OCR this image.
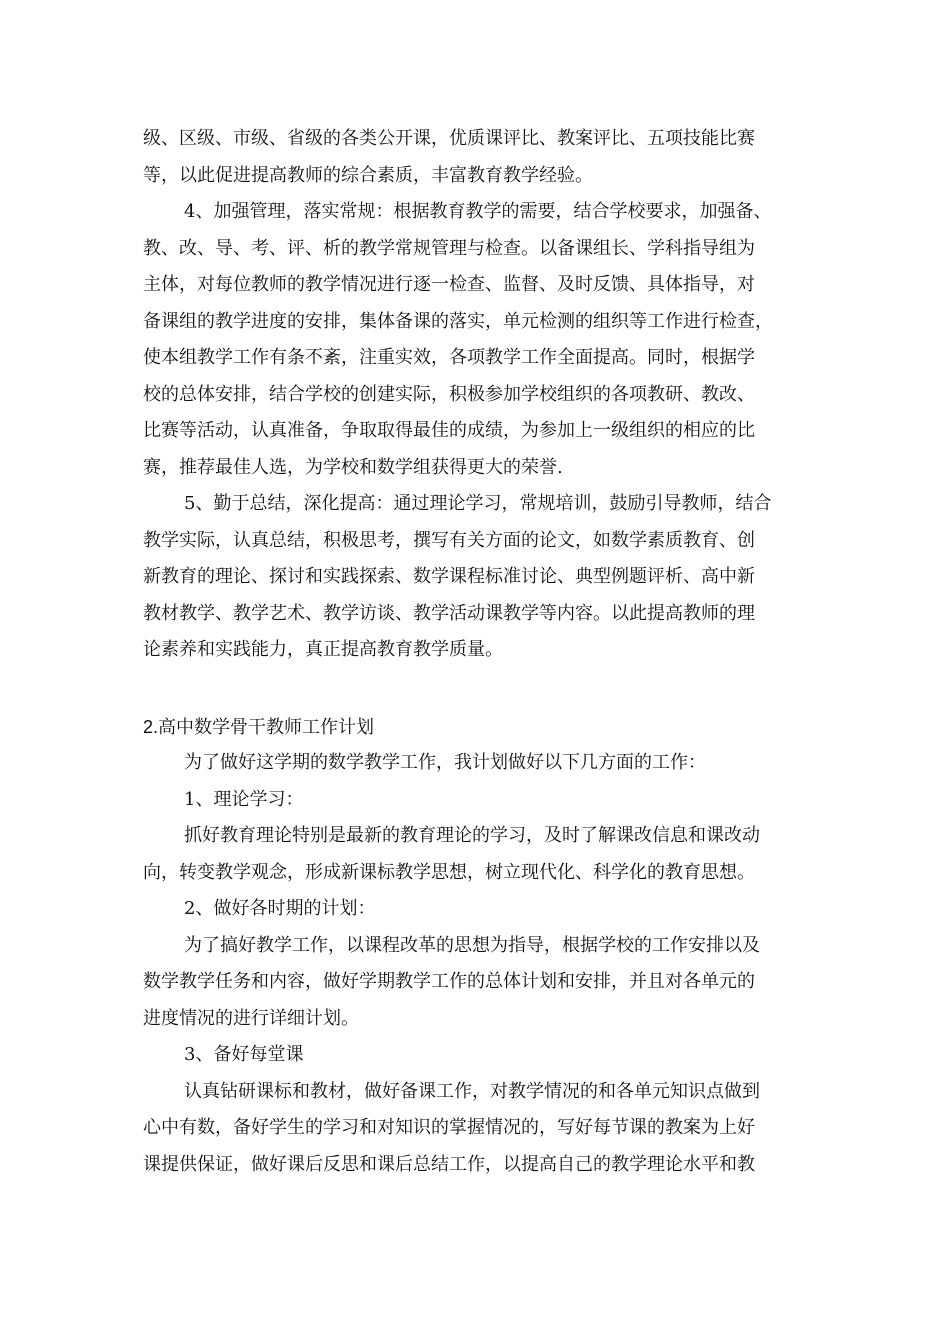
级、区级、市级、省级的各类公开课，优质课评比、教案评比、五项技能比赛
等，以此促进提高教师的综合素质，丰富教育教学经验。
4、加强管理，落实常规：根据教育教学的需要，结合学校要求，加强备、
教、改、导、考、评、析的教学常规管理与检查。以备课组长、学科指导组为
主体，对每位教师的教学情况进行逐一检查、监督、及时反馈、具体指导，对
备课组的教学进度的安排，集体备课的落实，单元检测的组织等工作进行检查，
使本组教学工作有条不紊，注重实效，各项教学工作全面提高。同时，根据学
校的总体安排，结合学校的创建实际，积极参加学校组织的各项教研、教改、
比赛等活动，认真准备，争取取得最佳的成绩，为参加上一级组织的相应的比
赛，推荐最佳人选，为学校和数学组获得更大的荣誉.
5、勤于总结，深化提高：通过理论学习，常规培训，鼓励引导教师，结合
教学实际，认真总结，积极思考，撰写有关方面的论文，如数学素质教育、创
新教育的理论、探讨和实践探索、数学课程标准讨论、典型例题评析、高中新
教材教学、教学艺术、教学访谈、教学活动课教学等内容。以此提高教师的理
论素养和实践能力，真正提高教育教学质量。
2.高中数学骨干教师工作计划
为了做好这学期的数学教学工作，我计划做好以下几方面的工作：
1、理论学习：
抓好教育理论特别是最新的教育理论的学习，及时了解课改信息和课改动
向，转变教学观念，形成新课标教学思想，树立现代化、科学化的教育思想。
2、做好各时期的计划：
为了搞好教学工作，以课程改革的思想为指导，根据学校的工作安排以及
数学教学任务和内容，做好学期教学工作的总体计划和安排，并且对各单元的
进度情况的进行详细计划。
3、备好每堂课
认真钻研课标和教材，做好备课工作，对教学情况的和各单元知识点做到
心中有数，备好学生的学习和对知识的掌握情况的，写好每节课的教案为上好
课提供保证，做好课后反思和课后总结工作，以提高自己的教学理论水平和教
